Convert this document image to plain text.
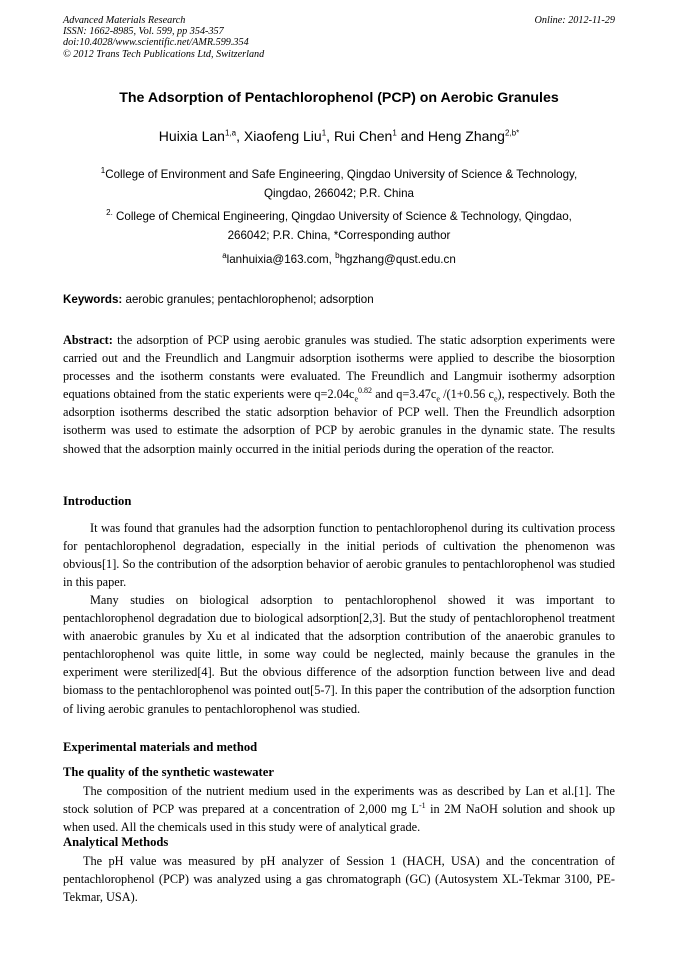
Advanced Materials Research
ISSN: 1662-8985, Vol. 599, pp 354-357
doi:10.4028/www.scientific.net/AMR.599.354
© 2012 Trans Tech Publications Ltd, Switzerland
Online: 2012-11-29
The Adsorption of Pentachlorophenol (PCP) on Aerobic Granules
Huixia Lan$^{1,a}$, Xiaofeng Liu$^1$, Rui Chen$^1$ and Heng Zhang$^{2,b*}$
$^1$College of Environment and Safe Engineering, Qingdao University of Science & Technology,
Qingdao, 266042; P.R. China
$^{2.}$ College of Chemical Engineering, Qingdao University of Science & Technology, Qingdao,
266042; P.R. China, *Corresponding author
$^a$lanhuixia@163.com, $^b$hgzhang@qust.edu.cn
Keywords: aerobic granules; pentachlorophenol; adsorption
Abstract: the adsorption of PCP using aerobic granules was studied. The static adsorption experiments were carried out and the Freundlich and Langmuir adsorption isotherms were applied to describe the biosorption processes and the isotherm constants were evaluated. The Freundlich and Langmuir isothermy adsorption equations obtained from the static experients were $q=2.04c_e^{0.82}$ and $q=3.47c_e$ /(1+0.56 $c_e$), respectively. Both the adsorption isotherms described the static adsorption behavior of PCP well. Then the Freundlich adsorption isotherm was used to estimate the adsorption of PCP by aerobic granules in the dynamic state. The results showed that the adsorption mainly occurred in the initial periods during the operation of the reactor.
Introduction
It was found that granules had the adsorption function to pentachlorophenol during its cultivation process for pentachlorophenol degradation, especially in the initial periods of cultivation the phenomenon was obvious[1]. So the contribution of the adsorption behavior of aerobic granules to pentachlorophenol was studied in this paper.
Many studies on biological adsorption to pentachlorophenol showed it was important to pentachlorophenol degradation due to biological adsorption[2,3]. But the study of pentachlorophenol treatment with anaerobic granules by Xu et al indicated that the adsorption contribution of the anaerobic granules to pentachlorophenol was quite little, in some way could be neglected, mainly because the granules in the experiment were sterilized[4]. But the obvious difference of the adsorption function between live and dead biomass to the pentachlorophenol was pointed out[5-7]. In this paper the contribution of the adsorption function of living aerobic granules to pentachlorophenol was studied.
Experimental materials and method
The quality of the synthetic wastewater
The composition of the nutrient medium used in the experiments was as described by Lan et al.[1]. The stock solution of PCP was prepared at a concentration of 2,000 mg $L^{-1}$ in 2M NaOH solution and shook up when used. All the chemicals used in this study were of analytical grade.
Analytical Methods
The pH value was measured by pH analyzer of Session 1 (HACH, USA) and the concentration of pentachlorophenol (PCP) was analyzed using a gas chromatograph (GC) (Autosystem XL-Tekmar 3100, PE-Tekmar, USA).
